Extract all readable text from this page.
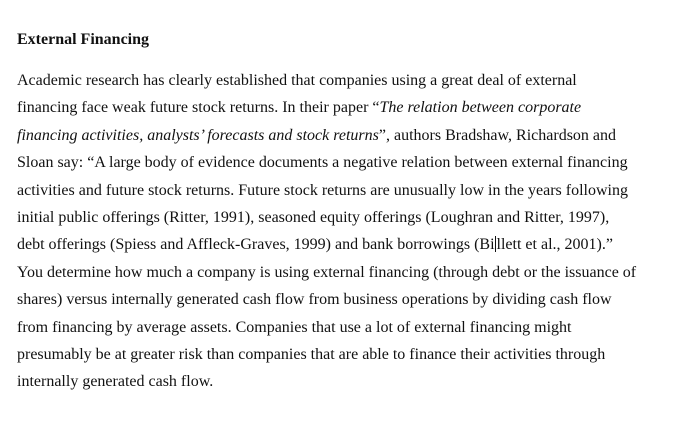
External Financing
Academic research has clearly established that companies using a great deal of external
financing face weak future stock returns. In their paper “The relation between corporate
financing activities, analysts’ forecasts and stock returns”, authors Bradshaw, Richardson and
Sloan say: “A large body of evidence documents a negative relation between external financing
activities and future stock returns. Future stock returns are unusually low in the years following
initial public offerings (Ritter, 1991), seasoned equity offerings (Loughran and Ritter, 1997),
debt offerings (Spiess and Affleck-Graves, 1999) and bank borrowings (Bi llett et al., 2001).”
You determine how much a company is using external financing (through debt or the issuance of
shares) versus internally generated cash flow from business operations by dividing cash flow
from financing by average assets. Companies that use a lot of external financing might
presumably be at greater risk than companies that are able to finance their activities through
internally generated cash flow.
